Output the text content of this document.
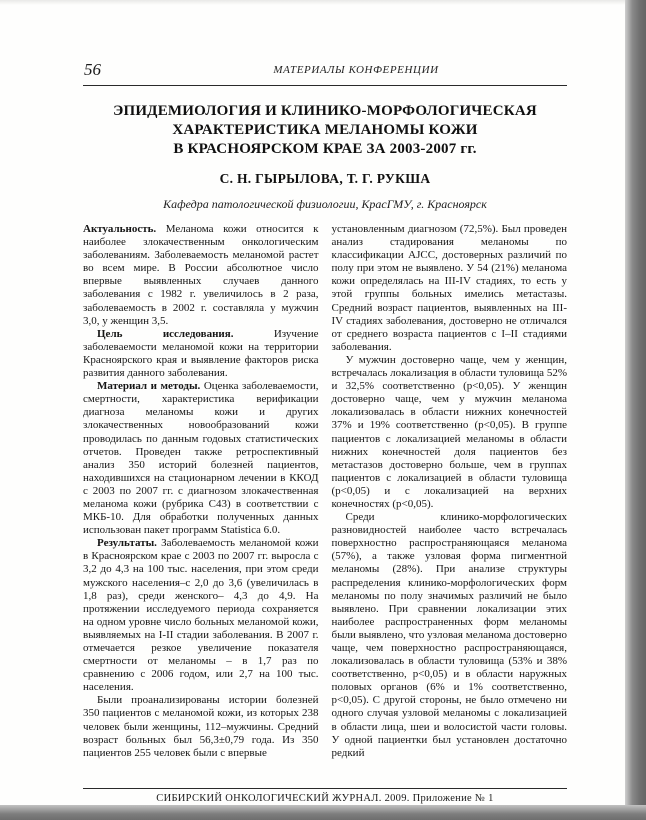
56	МАТЕРИАЛЫ КОНФЕРЕНЦИИ
ЭПИДЕМИОЛОГИЯ И КЛИНИКО-МОРФОЛОГИЧЕСКАЯ
ХАРАКТЕРИСТИКА МЕЛАНОМЫ КОЖИ
В КРАСНОЯРСКОМ КРАЕ ЗА 2003-2007 гг.
С. Н. ГЫРЫЛОВА, Т. Г. РУКША
Кафедра патологической физиологии, КрасГМУ, г. Красноярск

Актуальность. Меланома кожи относится к наиболее злокачественным онкологическим заболеваниям. Заболеваемость меланомой растет во всем мире. В России абсолютное число впервые выявленных случаев данного заболевания с 1982 г. увеличилось в 2 раза, заболеваемость в 2002 г. составляла у мужчин 3,0, у женщин 3,5.

Цель исследования.	Изучение заболеваемости меланомой кожи на территории Красноярского края и выявление факторов риска развития данного заболевания.

Материал и методы. Оценка заболеваемости, смертности, характеристика верификации диагноза меланомы кожи и других злокачественных новообразований кожи проводилась по данным годовых статистических отчетов. Проведен также ретроспективный анализ 350 историй болезней пациентов, находившихся на стационарном лечении в ККОД с 2003 по 2007 гг. с диагнозом злокачественная меланома кожи (рубрика С43) в соответствии с МКБ-10. Для обработки полученных данных использован пакет программ Statistica 6.0.

Результаты. Заболеваемость меланомой кожи в Красноярском крае с 2003 по 2007 гг. выросла с 3,2 до 4,3 на 100 тыс. населения, при этом среди мужского населения–с 2,0 до 3,6 (увеличилась в 1,8 раз), среди женского– 4,3 до 4,9. На протяжении исследуемого периода сохраняется на одном уровне число больных меланомой кожи, выявляемых на I-II стадии заболевания. В 2007 г. отмечается резкое увеличение показателя смертности от меланомы – в 1,7 раз по сравнению с 2006 годом, или 2,7 на 100 тыс. населения.

Были проанализированы истории болезней 350 пациентов с меланомой кожи, из которых 238 человек были женщины, 112–мужчины. Средний возраст больных был 56,3±0,79 года. Из 350 пациентов 255 человек были с впервые

установленным диагнозом (72,5%). Был проведен анализ стадирования меланомы по классификации AJCC, достоверных различий по полу при этом не выявлено. У 54 (21%) меланома кожи определялась на III-IV стадиях, то есть у этой группы больных имелись метастазы. Средний возраст пациентов, выявленных на III-IV стадиях заболевания, достоверно не отличался от среднего возраста пациентов с I–II стадиями заболевания.

У мужчин достоверно чаще, чем у женщин, встречалась локализация в области туловища 52% и 32,5% соответственно (р<0,05). У женщин достоверно чаще, чем у мужчин меланома локализовалась в области нижних конечностей 37% и 19% соответственно (р<0,05). В группе пациентов с локализацией меланомы в области нижних конечностей доля пациентов без метастазов достоверно больше, чем в группах пациентов с локализацией в области туловища (р<0,05) и с локализацией на верхних конечностях (р<0,05).

Среди клинико-морфологических разновидностей наиболее часто встречалась поверхностно распространяющаяся меланома (57%), а также узловая форма пигментной меланомы (28%). При анализе структуры распределения клинико-морфологических форм меланомы по полу значимых различий не было выявлено. При сравнении локализации этих наиболее распространенных форм меланомы были выявлено, что узловая меланома достоверно чаще, чем поверхностно распространяющаяся, локализовалась в области туловища (53% и 38% соответственно, р<0,05) и в области наружных половых органов (6% и 1% соответственно, р<0,05). С другой стороны, не было отмечено ни одного случая узловой меланомы с локализацией в области лица, шеи и волосистой части головы. У одной пациентки был установлен достаточно редкий

СИБИРСКИЙ ОНКОЛОГИЧЕСКИЙ ЖУРНАЛ. 2009. Приложение № 1
